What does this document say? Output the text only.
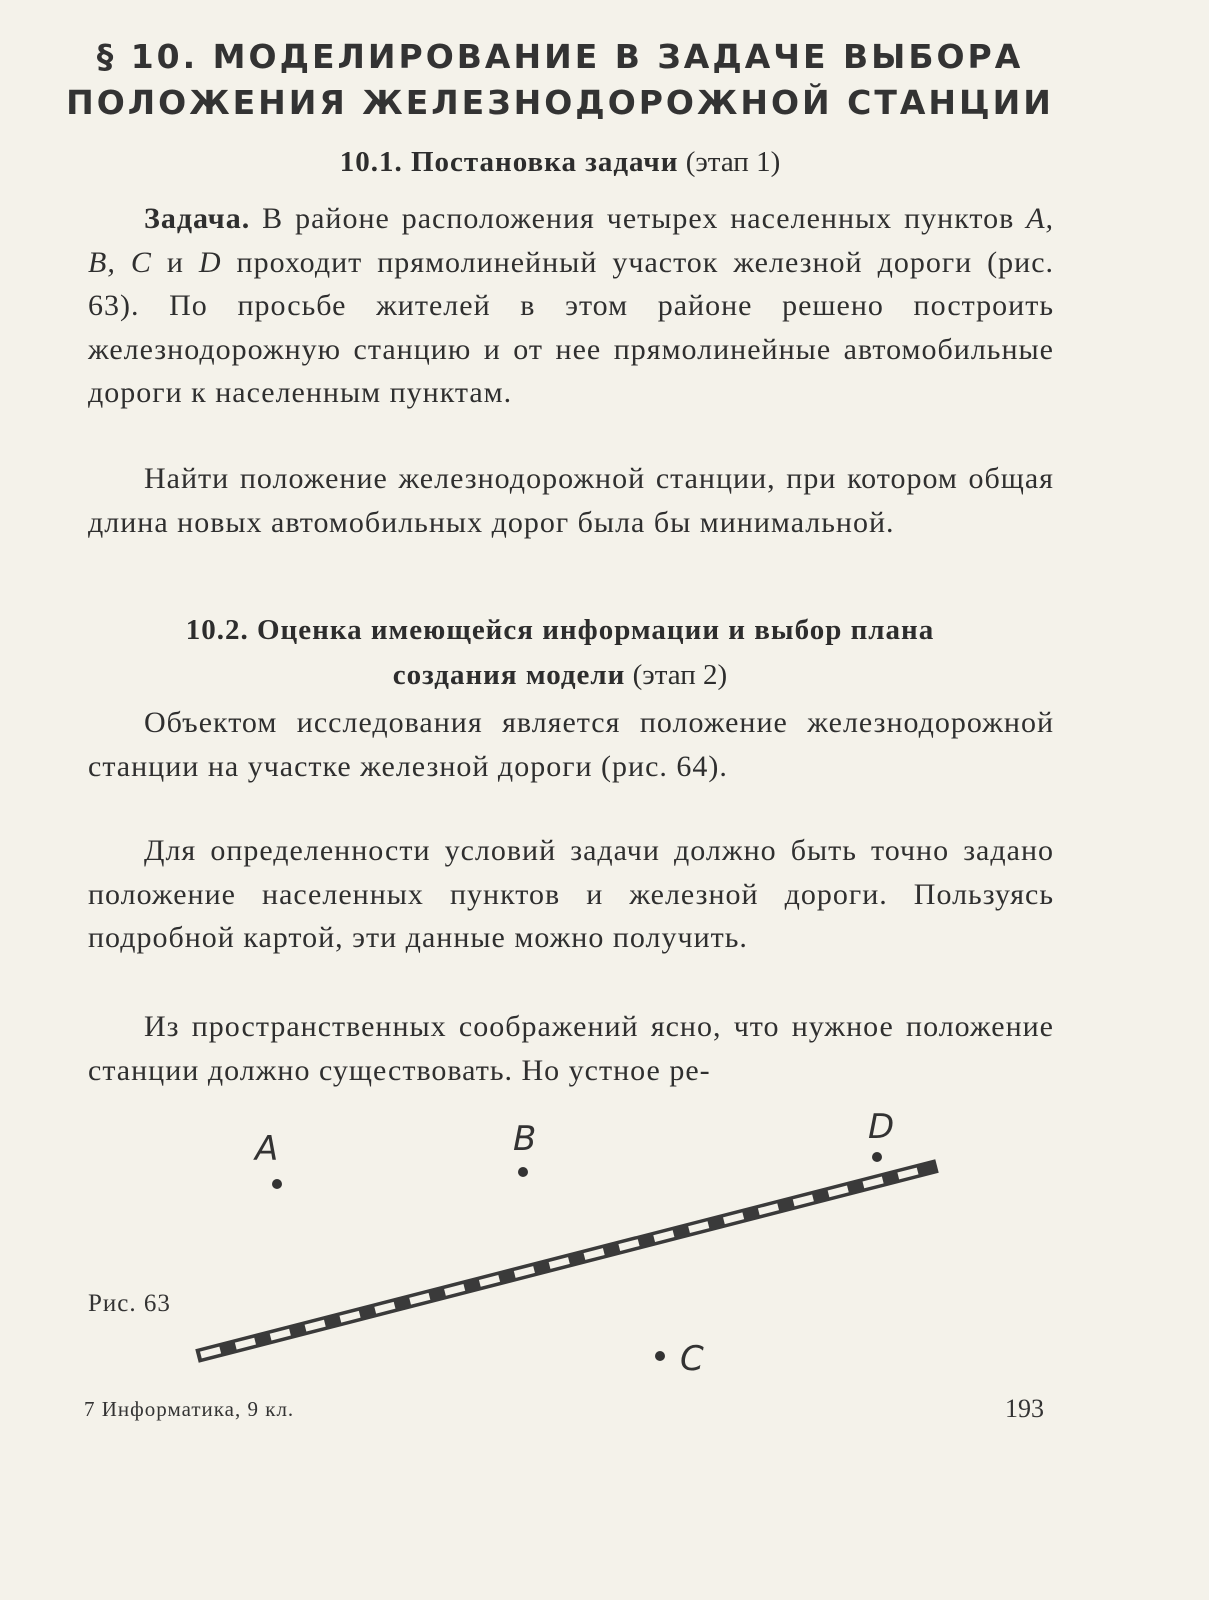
§ 10. МОДЕЛИРОВАНИЕ В ЗАДАЧЕ ВЫБОРА
ПОЛОЖЕНИЯ ЖЕЛЕЗНОДОРОЖНОЙ СТАНЦИИ
10.1. Постановка задачи (этап 1)

Задача. В районе расположения четырех населенных пунктов A, B, C и D проходит прямолинейный участок железной дороги (рис. 63). По просьбе жителей в этом районе решено построить железнодорожную станцию и от нее прямолинейные автомобильные дороги к населенным пунктам.

Найти положение железнодорожной станции, при котором общая длина новых автомобильных дорог была бы минимальной.

10.2. Оценка имеющейся информации и выбор плана
создания модели (этап 2)

Объектом исследования является положение железнодорожной станции на участке железной дороги (рис. 64).

Для определенности условий задачи должно быть точно задано положение населенных пунктов и железной дороги. Пользуясь подробной картой, эти данные можно получить.

Из пространственных соображений ясно, что нужное положение станции должно существовать. Но устное ре-

A	B	D
C
Рис. 63
7 Информатика, 9 кл.	193
